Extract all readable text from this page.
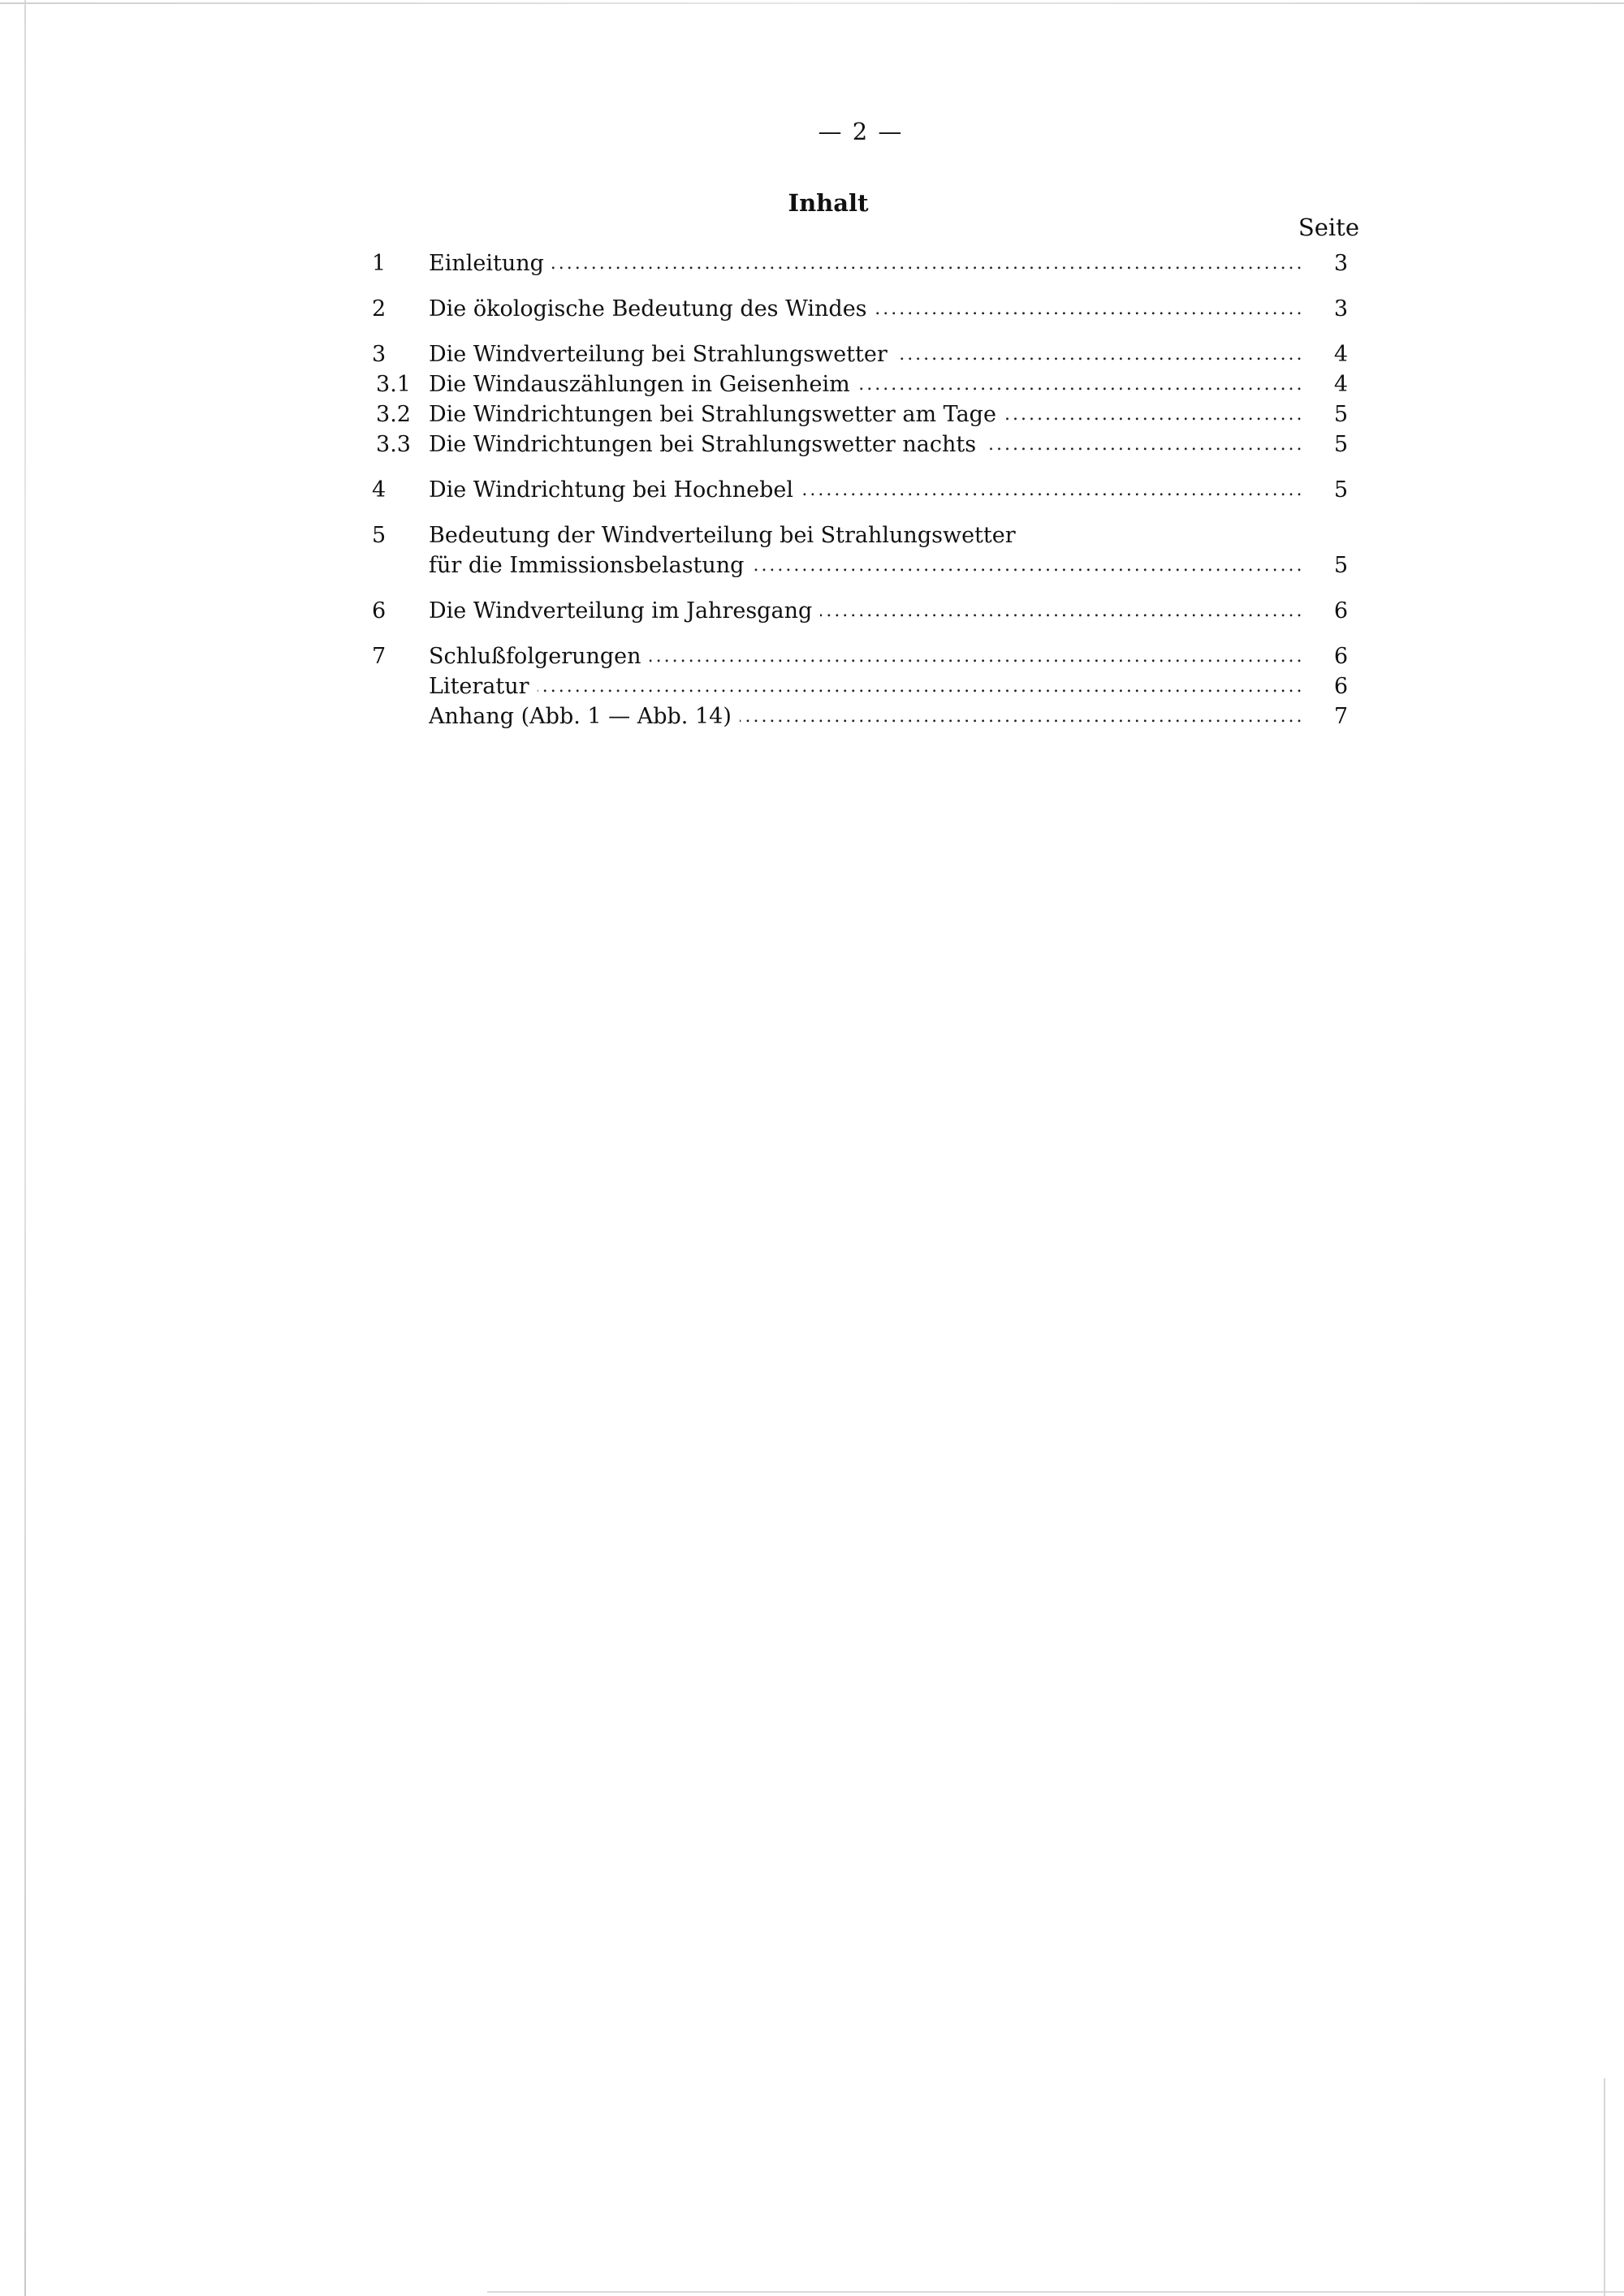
— 2 —
Inhalt
Seite
1	Einleitung . . .	3
2	Die ökologische Bedeutung des Windes . . .	3
3	Die Windverteilung bei Strahlungswetter . . .	4
3.1 Die Windauszählungen in Geisenheim . . .	4
3.2 Die Windrichtungen bei Strahlungswetter am Tage . . .	5
3.3 Die Windrichtungen bei Strahlungswetter nachts . . .	5
4	Die Windrichtung bei Hochnebel . . .	5
5	Bedeutung der Windverteilung bei Strahlungswetter
für die Immissionsbelastung . . .	5
6	Die Windverteilung im Jahresgang . . .	6
7	Schlußfolgerungen . . .	6
Literatur . . .	6
Anhang (Abb. 1 — Abb. 14) . . .	7
